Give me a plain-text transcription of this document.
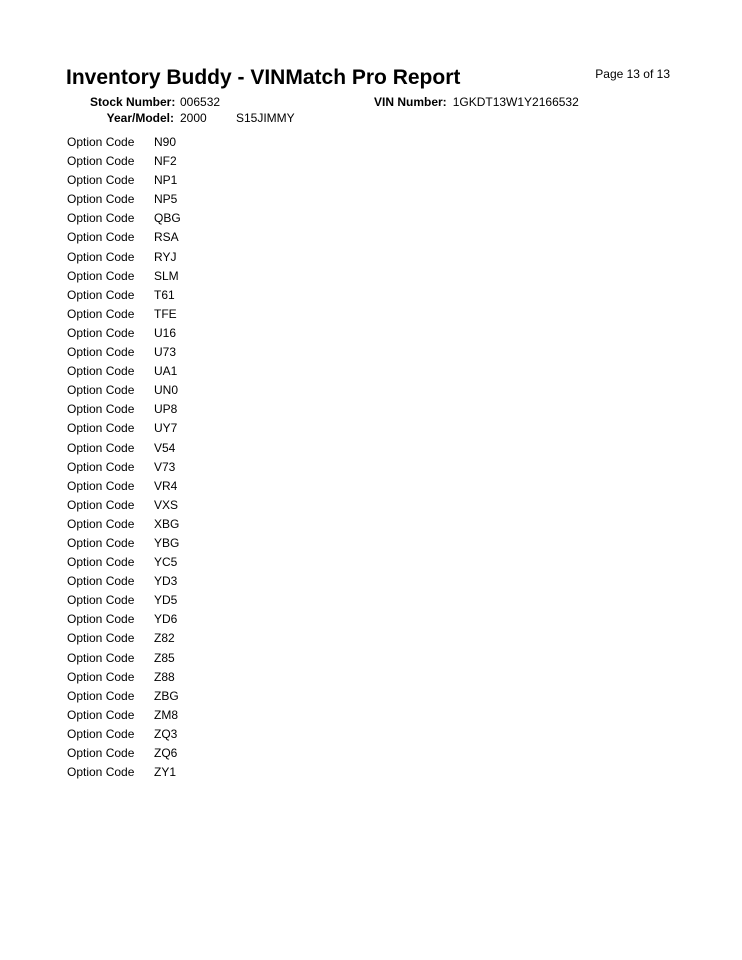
Inventory Buddy - VINMatch Pro Report	Page 13 of 13
Stock Number: 006532
Year/Model: 2000 S15JIMMY
VIN Number: 1GKDT13W1Y2166532
Option Code N90
Option Code NF2
Option Code NP1
Option Code NP5
Option Code QBG
Option Code RSA
Option Code RYJ
Option Code SLM
Option Code T61
Option Code TFE
Option Code U16
Option Code U73
Option Code UA1
Option Code UN0
Option Code UP8
Option Code UY7
Option Code V54
Option Code V73
Option Code VR4
Option Code VXS
Option Code XBG
Option Code YBG
Option Code YC5
Option Code YD3
Option Code YD5
Option Code YD6
Option Code Z82
Option Code Z85
Option Code Z88
Option Code ZBG
Option Code ZM8
Option Code ZQ3
Option Code ZQ6
Option Code ZY1
